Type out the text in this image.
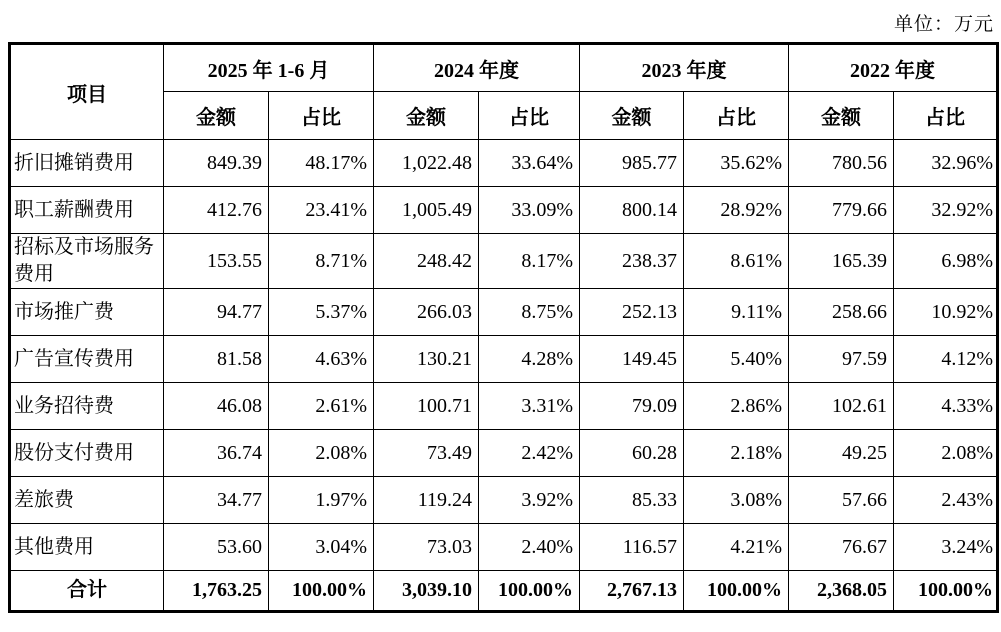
单位：万元
项目	2025 年 1-6 月		2024 年度		2023 年度		2022 年度	
	金额	占比	金额	占比	金额	占比	金额	占比
折旧摊销费用	849.39	48.17%	1,022.48	33.64%	985.77	35.62%	780.56	32.96%
职工薪酬费用	412.76	23.41%	1,005.49	33.09%	800.14	28.92%	779.66	32.92%
招标及市场服务费用	153.55	8.71%	248.42	8.17%	238.37	8.61%	165.39	6.98%
市场推广费	94.77	5.37%	266.03	8.75%	252.13	9.11%	258.66	10.92%
广告宣传费用	81.58	4.63%	130.21	4.28%	149.45	5.40%	97.59	4.12%
业务招待费	46.08	2.61%	100.71	3.31%	79.09	2.86%	102.61	4.33%
股份支付费用	36.74	2.08%	73.49	2.42%	60.28	2.18%	49.25	2.08%
差旅费	34.77	1.97%	119.24	3.92%	85.33	3.08%	57.66	2.43%
其他费用	53.60	3.04%	73.03	2.40%	116.57	4.21%	76.67	3.24%
合计	1,763.25	100.00%	3,039.10	100.00%	2,767.13	100.00%	2,368.05	100.00%
